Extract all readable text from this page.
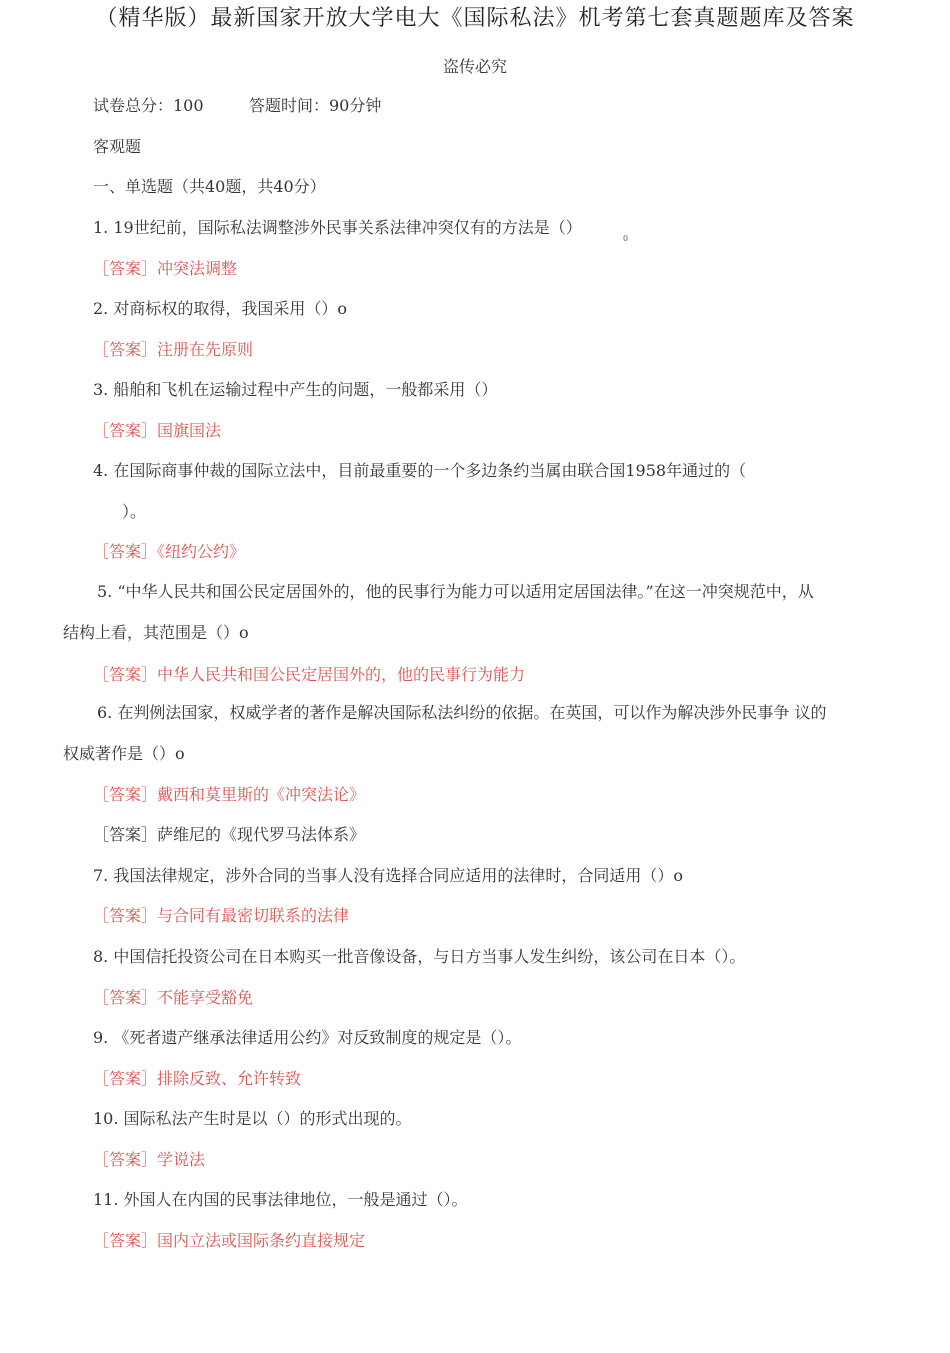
（精华版）最新国家开放大学电大《国际私法》机考第七套真题题库及答案
盗传必究
试卷总分：100	答题时间：90分钟
客观题
一、单选题（共40题，共40分）
1. 19世纪前，国际私法调整涉外民事关系法律冲突仅有的方法是（）
0
［答案］冲突法调整
2. 对商标权的取得，我国采用（）o
［答案］注册在先原则
3. 船舶和飞机在运输过程中产生的问题，一般都采用（）
［答案］国旗国法
4. 在国际商事仲裁的国际立法中，目前最重要的一个多边条约当属由联合国1958年通过的（
）。
［答案］《纽约公约》
5. “中华人民共和国公民定居国外的，他的民事行为能力可以适用定居国法律。”在这一冲突规范中，从
结构上看，其范围是（）o
［答案］中华人民共和国公民定居国外的，他的民事行为能力
6. 在判例法国家，权威学者的著作是解决国际私法纠纷的依据。在英国，可以作为解决涉外民事争 议的
权威著作是（）o
［答案］戴西和莫里斯的《冲突法论》
［答案］萨维尼的《现代罗马法体系》
7. 我国法律规定，涉外合同的当事人没有选择合同应适用的法律时，合同适用（）o
［答案］与合同有最密切联系的法律
8. 中国信托投资公司在日本购买一批音像设备，与日方当事人发生纠纷，该公司在日本（）。
［答案］不能享受豁免
9. 《死者遗产继承法律适用公约》对反致制度的规定是（）。
［答案］排除反致、允许转致
10. 国际私法产生时是以（）的形式出现的。
［答案］学说法
11. 外国人在内国的民事法律地位，一般是通过（）。
［答案］国内立法或国际条约直接规定
